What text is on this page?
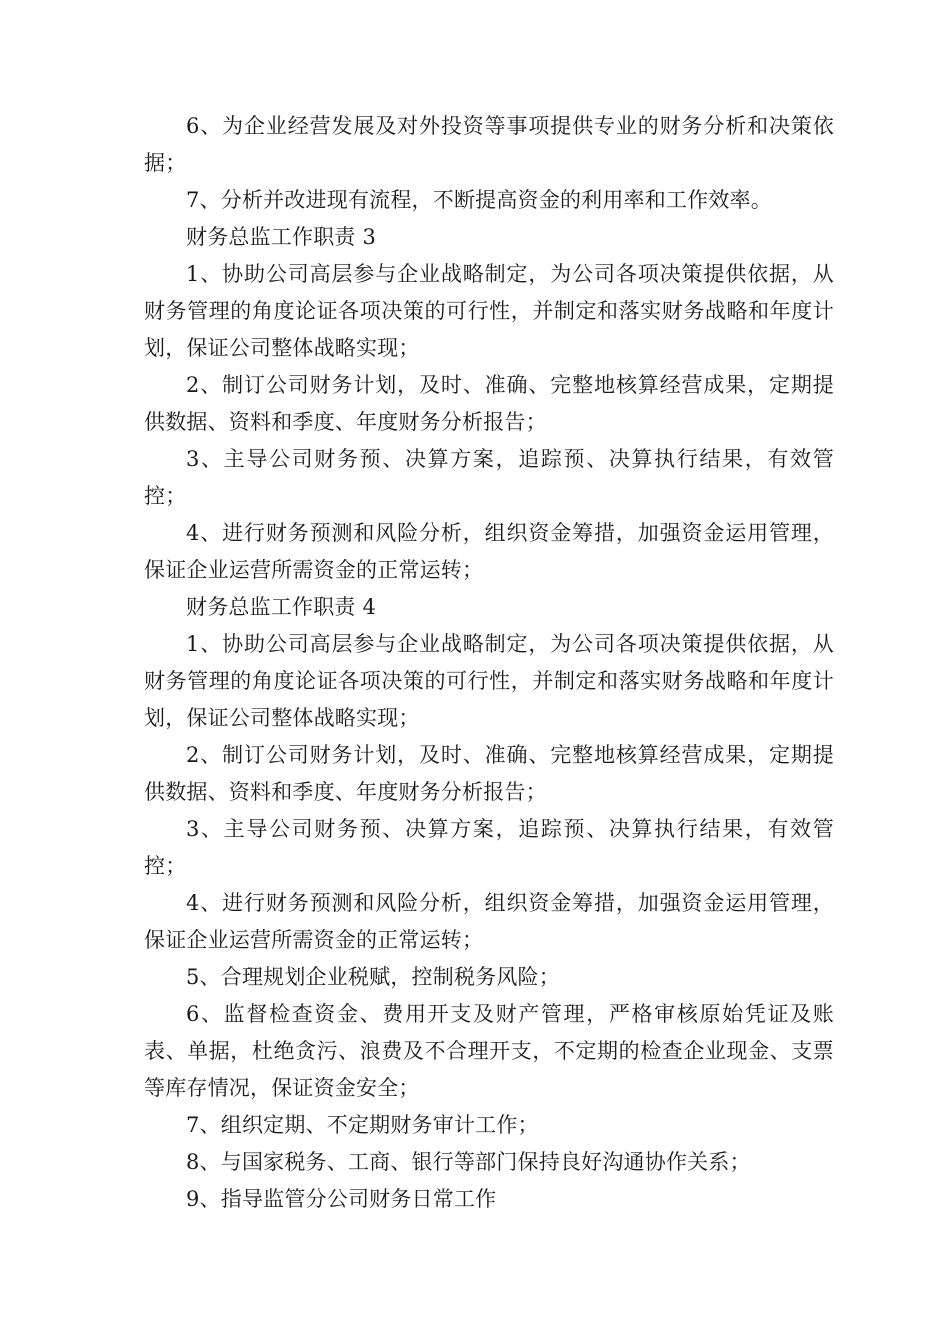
6、为企业经营发展及对外投资等事项提供专业的财务分析和决策依据；

7、分析并改进现有流程，不断提高资金的利用率和工作效率。

财务总监工作职责 3

1、协助公司高层参与企业战略制定，为公司各项决策提供依据，从财务管理的角度论证各项决策的可行性，并制定和落实财务战略和年度计划，保证公司整体战略实现；

2、制订公司财务计划，及时、准确、完整地核算经营成果，定期提供数据、资料和季度、年度财务分析报告；

3、主导公司财务预、决算方案，追踪预、决算执行结果，有效管控；

4、进行财务预测和风险分析，组织资金筹措，加强资金运用管理，保证企业运营所需资金的正常运转；

财务总监工作职责 4

1、协助公司高层参与企业战略制定，为公司各项决策提供依据，从财务管理的角度论证各项决策的可行性，并制定和落实财务战略和年度计划，保证公司整体战略实现；

2、制订公司财务计划，及时、准确、完整地核算经营成果，定期提供数据、资料和季度、年度财务分析报告；

3、主导公司财务预、决算方案，追踪预、决算执行结果，有效管控；

4、进行财务预测和风险分析，组织资金筹措，加强资金运用管理，保证企业运营所需资金的正常运转；

5、合理规划企业税赋，控制税务风险；

6、监督检查资金、费用开支及财产管理，严格审核原始凭证及账表、单据，杜绝贪污、浪费及不合理开支，不定期的检查企业现金、支票等库存情况，保证资金安全；

7、组织定期、不定期财务审计工作；

8、与国家税务、工商、银行等部门保持良好沟通协作关系；

9、指导监管分公司财务日常工作
